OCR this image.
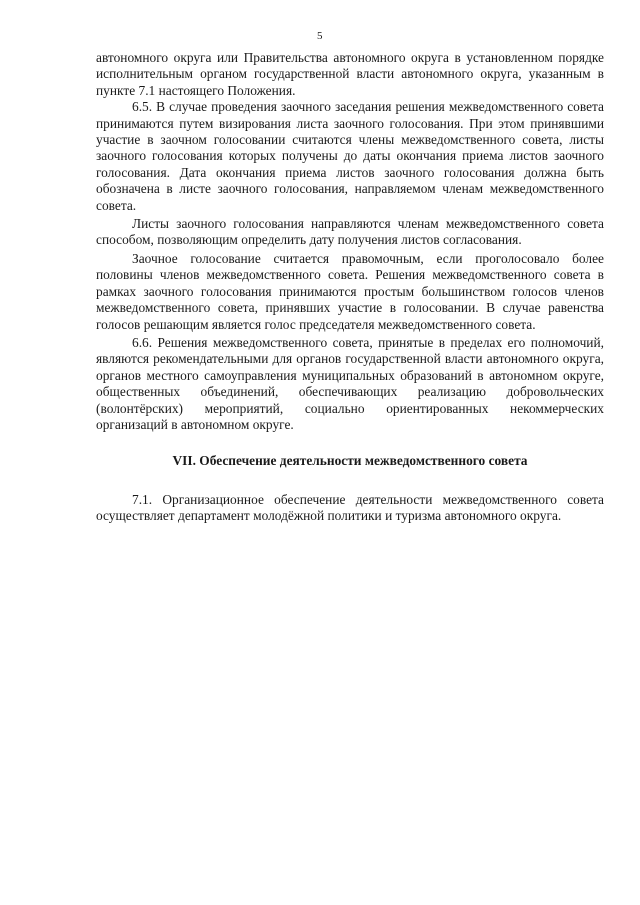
5

автономного округа или Правительства автономного округа в установленном порядке исполнительным органом государственной власти автономного округа, указанным в пункте 7.1 настоящего Положения.

6.5. В случае проведения заочного заседания решения межведомственного совета принимаются путем визирования листа заочного голосования. При этом принявшими участие в заочном голосовании считаются члены межведомственного совета, листы заочного голосования которых получены до даты окончания приема листов заочного голосования. Дата окончания приема листов заочного голосования должна быть обозначена в листе заочного голосования, направляемом членам межведомственного совета.

Листы заочного голосования направляются членам межведомственного совета способом, позволяющим определить дату получения листов согласования.

Заочное голосование считается правомочным, если проголосовало более половины членов межведомственного совета. Решения межведомственного совета в рамках заочного голосования принимаются простым большинством голосов членов межведомственного совета, принявших участие в голосовании. В случае равенства голосов решающим является голос председателя межведомственного совета.

6.6. Решения межведомственного совета, принятые в пределах его полномочий, являются рекомендательными для органов государственной власти автономного округа, органов местного самоуправления муниципальных образований в автономном округе, общественных объединений, обеспечивающих реализацию добровольческих (волонтёрских) мероприятий, социально ориентированных некоммерческих организаций в автономном округе.

VII. Обеспечение деятельности межведомственного совета

7.1. Организационное обеспечение деятельности межведомственного совета осуществляет департамент молодёжной политики и туризма автономного округа.
